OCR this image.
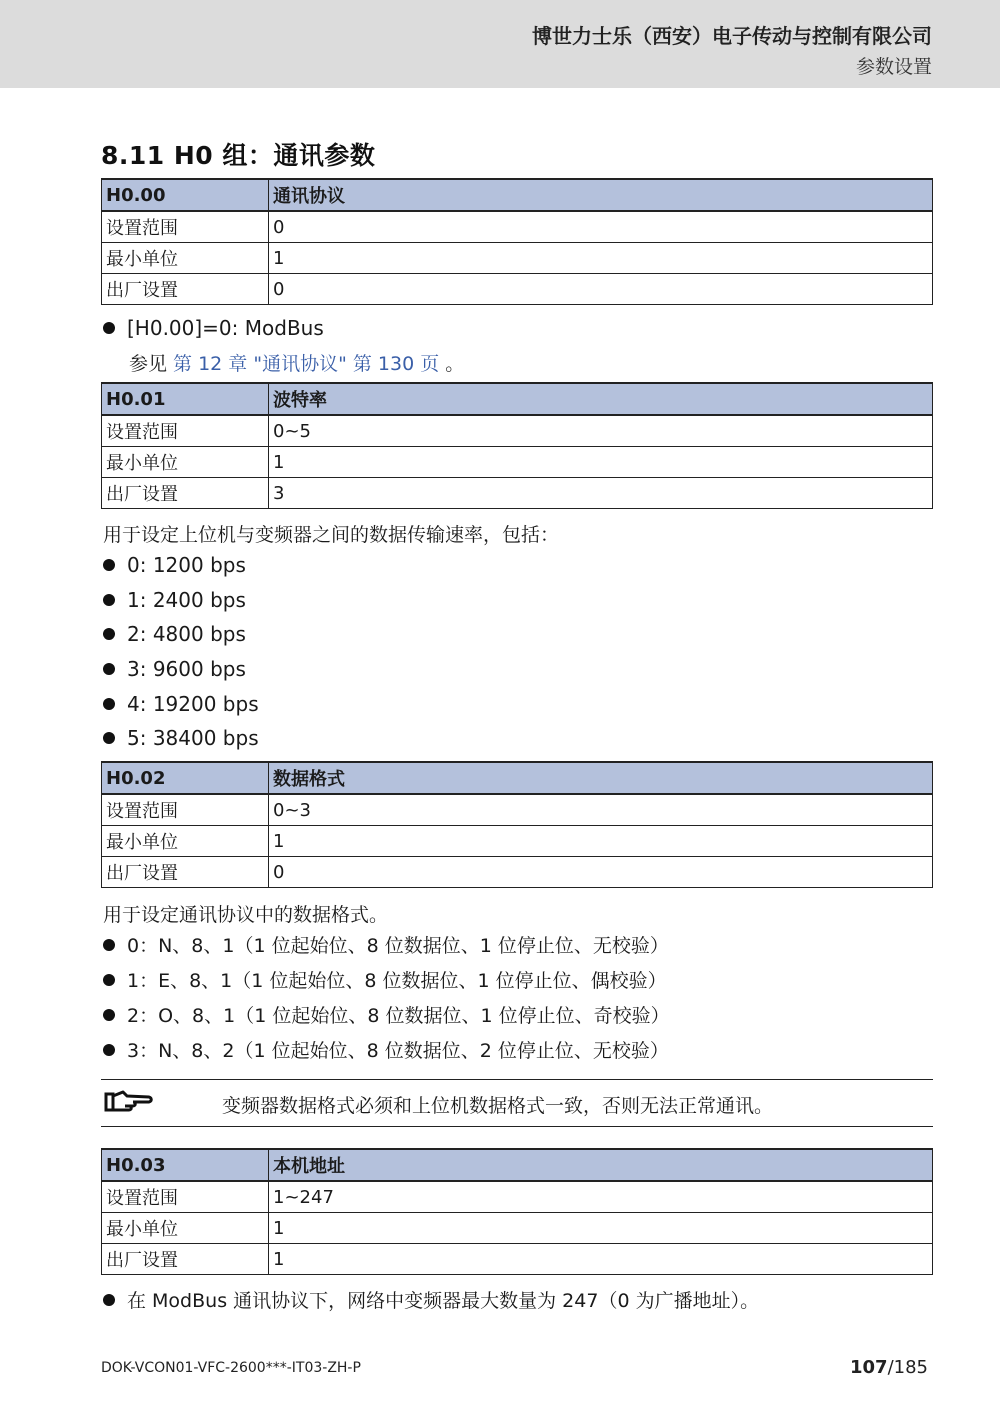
博世力士乐（西安）电子传动与控制有限公司
参数设置
8.11 H0 组：通讯参数
H0.00	通讯协议
设置范围	0
最小单位	1
出厂设置	0
[H0.00]=0: ModBus
参见 第 12 章 "通讯协议" 第 130 页 。
H0.01	波特率
设置范围	0~5
最小单位	1
出厂设置	3
用于设定上位机与变频器之间的数据传输速率，包括：
0: 1200 bps
1: 2400 bps
2: 4800 bps
3: 9600 bps
4: 19200 bps
5: 38400 bps
H0.02	数据格式
设置范围	0~3
最小单位	1
出厂设置	0
用于设定通讯协议中的数据格式。
0：N、8、1（1 位起始位、8 位数据位、1 位停止位、无校验）
1：E、8、1（1 位起始位、8 位数据位、1 位停止位、偶校验）
2：O、8、1（1 位起始位、8 位数据位、1 位停止位、奇校验）
3：N、8、2（1 位起始位、8 位数据位、2 位停止位、无校验）
变频器数据格式必须和上位机数据格式一致，否则无法正常通讯。
H0.03	本机地址
设置范围	1~247
最小单位	1
出厂设置	1
在 ModBus 通讯协议下，网络中变频器最大数量为 247（0 为广播地址）。
DOK-VCON01-VFC-2600***-IT03-ZH-P	107/185
